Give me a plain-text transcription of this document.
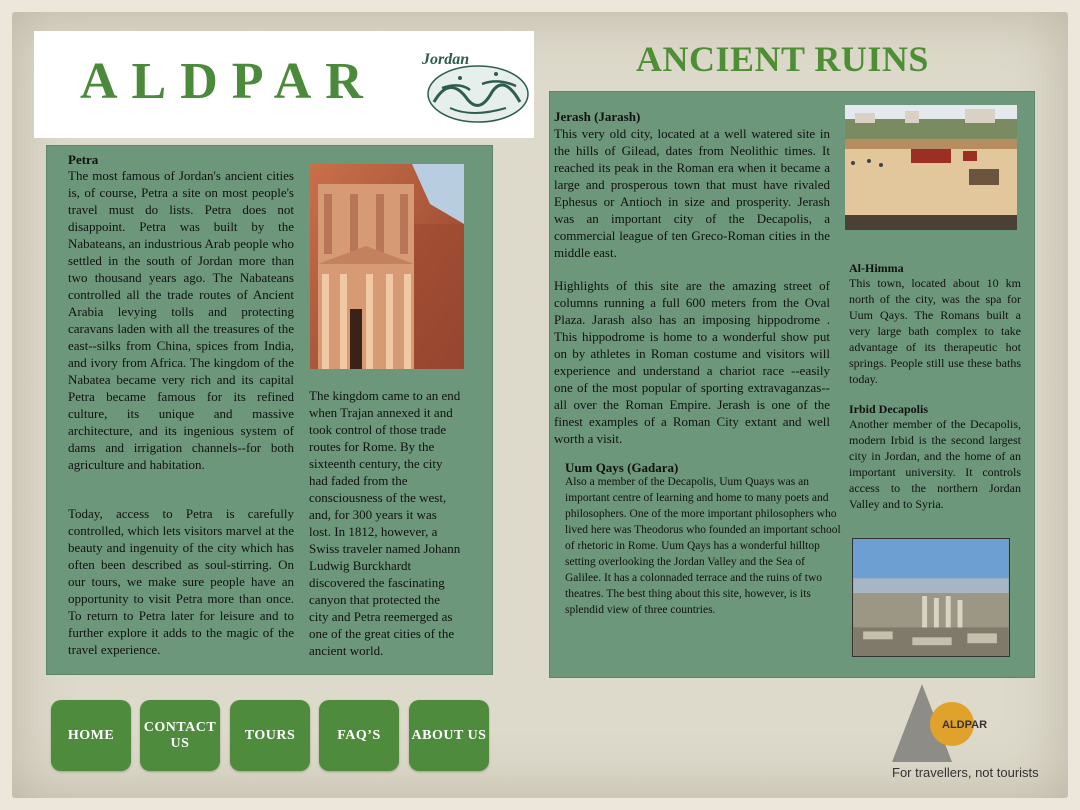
ALDPAR	Jordan	ANCIENT RUINS

Petra

The most famous of Jordan's ancient cities is, of course, Petra a site on most people's travel must do lists. Petra does not disappoint. Petra was built by the Nabateans, an industrious Arab people who settled in the south of Jordan more than two thousand years ago. The Nabateans controlled all the trade routes of Ancient Arabia levying tolls and protecting caravans laden with all the treasures of the east--silks from China, spices from India, and ivory from Africa. The kingdom of the Nabatea became very rich and its capital Petra became famous for its refined culture, its unique and massive architecture, and its ingenious system of dams and irrigation channels--for both agriculture and habitation.

Today, access to Petra is carefully controlled, which lets visitors marvel at the beauty and ingenuity of the city which has often been described as soul-stirring. On our tours, we make sure people have an opportunity to visit Petra more than once. To return to Petra later for leisure and to further explore it adds to the magic of the travel experience.

The kingdom came to an end when Trajan annexed it and took control of those trade routes for Rome. By the sixteenth century, the city had faded from the consciousness of the west, and, for 300 years it was lost. In 1812, however, a Swiss traveler named Johann Ludwig Burckhardt discovered the fascinating canyon that protected the city and Petra reemerged as one of the great cities of the ancient world.

Jerash (Jarash)

This very old city, located at a well watered site in the hills of Gilead, dates from Neolithic times. It reached its peak in the Roman era when it became a large and prosperous town that must have rivaled Ephesus or Antioch in size and prosperity. Jerash was an important city of the Decapolis, a commercial league of ten Greco-Roman cities in the middle east.

Highlights of this site are the amazing street of columns running a full 600 meters from the Oval Plaza. Jarash also has an imposing hippodrome . This hippodrome is home to a wonderful show put on by athletes in Roman costume and visitors will experience and understand a chariot race --easily one of the most popular of sporting extravaganzas--all over the Roman Empire. Jerash is one of the finest examples of a Roman City extant and well worth a visit.

Uum Qays (Gadara)

Also a member of the Decapolis, Uum Quays was an important centre of learning and home to many poets and philosophers. One of the more important philosophers who lived here was Theodorus who founded an important school of rhetoric in Rome. Uum Qays has a wonderful hilltop setting overlooking the Jordan Valley and the Sea of Galilee. It has a colonnaded terrace and the ruins of two theatres. The best thing about this site, however, is its splendid view of three countries.

Al-Himma

This town, located about 10 km north of the city, was the spa for Uum Qays. The Romans built a very large bath complex to take advantage of its therapeutic hot springs. People still use these baths today.

Irbid Decapolis

Another member of the Decapolis, modern Irbid is the second largest city in Jordan, and the home of an important university. It controls access to the northern Jordan Valley and to Syria.

HOME
CONTACT US
TOURS	FAQ’S	ABOUT US

ALDPAR

For travellers, not tourists
